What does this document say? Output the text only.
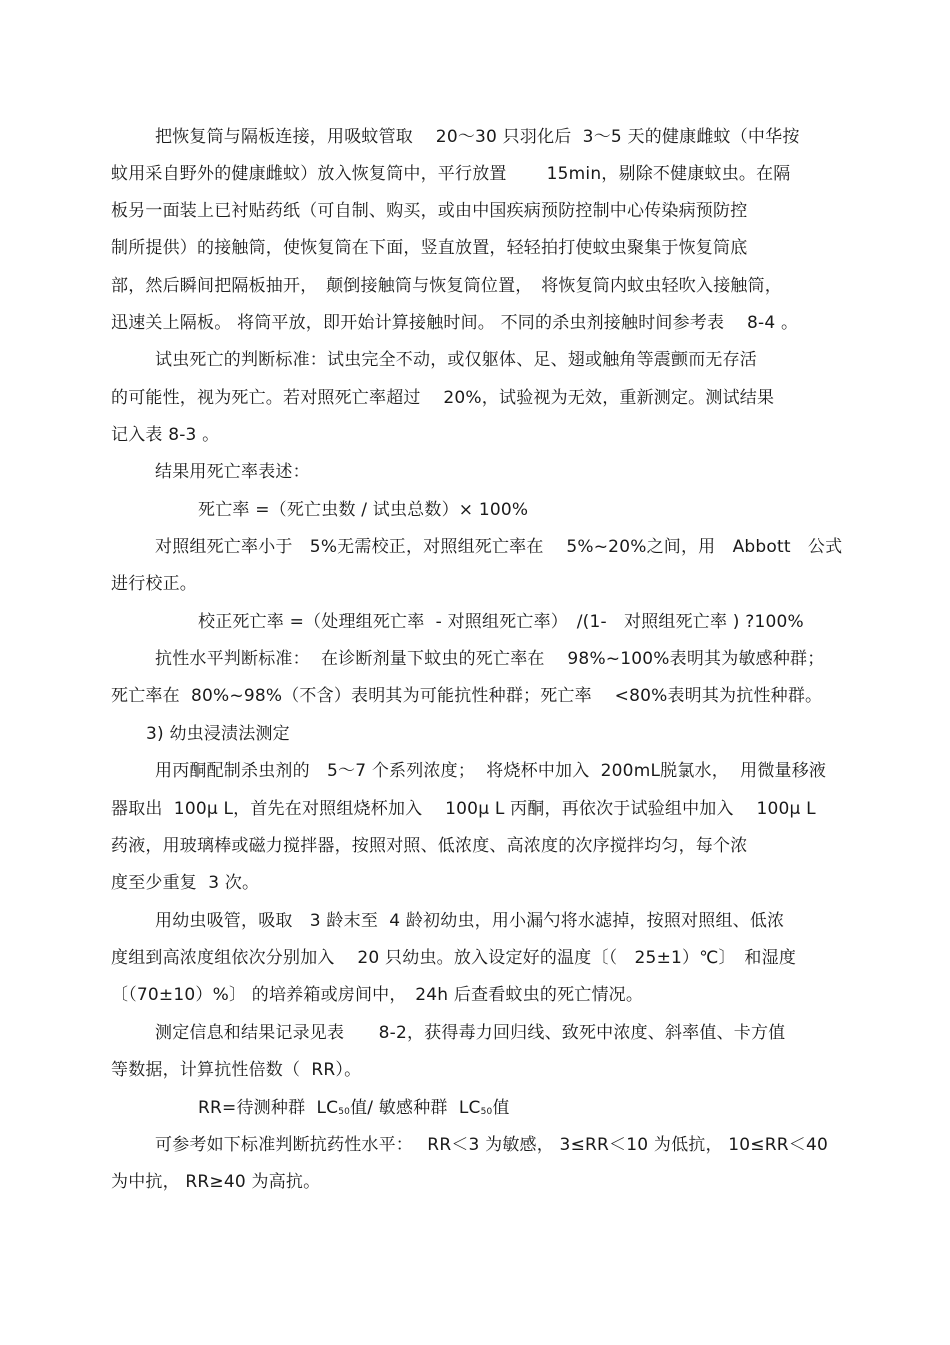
把恢复筒与隔板连接，用吸蚊管取　 20～30 只羽化后  3～5 天的健康雌蚊（中华按
蚊用采自野外的健康雌蚊）放入恢复筒中，平行放置　　 15min，剔除不健康蚊虫。在隔
板另一面装上已衬贴药纸（可自制、购买，或由中国疾病预防控制中心传染病预防控
制所提供）的接触筒，使恢复筒在下面，竖直放置，轻轻拍打使蚊虫聚集于恢复筒底
部，然后瞬间把隔板抽开，　颠倒接触筒与恢复筒位置，　将恢复筒内蚊虫轻吹入接触筒，
迅速关上隔板。 将筒平放，即开始计算接触时间。 不同的杀虫剂接触时间参考表　 8-4 。
试虫死亡的判断标准：试虫完全不动，或仅躯体、足、翅或触角等震颤而无存活
的可能性，视为死亡。若对照死亡率超过　 20%，试验视为无效，重新测定。测试结果
记入表 8-3 。
结果用死亡率表述：
死亡率 =（死亡虫数 / 试虫总数）× 100%
对照组死亡率小于　5%无需校正，对照组死亡率在　 5%~20%之间，用　Abbott　公式
进行校正。
校正死亡率 =（处理组死亡率  - 对照组死亡率）　/(1-　对照组死亡率 ) ?100%
抗性水平判断标准：  在诊断剂量下蚊虫的死亡率在　 98%~100%表明其为敏感种群；
死亡率在  80%~98%（不含）表明其为可能抗性种群；死亡率　 <80%表明其为抗性种群。
3) 幼虫浸渍法测定
用丙酮配制杀虫剂的　5～7 个系列浓度；  将烧杯中加入  200mL脱氯水，  用微量移液
器取出  100μ L，首先在对照组烧杯加入　 100μ L 丙酮，再依次于试验组中加入　 100μ L
药液，用玻璃棒或磁力搅拌器，按照对照、低浓度、高浓度的次序搅拌均匀，每个浓
度至少重复  3 次。
用幼虫吸管，吸取　3 龄末至  4 龄初幼虫，用小漏勺将水滤掉，按照对照组、低浓
度组到高浓度组依次分别加入　 20 只幼虫。放入设定好的温度〔（　25±1）℃〕　和湿度
〔（70±10）%〕 的培养箱或房间中，　24h 后查看蚊虫的死亡情况。
测定信息和结果记录见表　　8-2，获得毒力回归线、致死中浓度、斜率值、卡方值
等数据，计算抗性倍数（  RR）。
RR=待测种群  $LC_{50}$值/ 敏感种群  $LC_{50}$值
可参考如下标准判断抗药性水平：　 RR＜3 为敏感， 3≤RR＜10 为低抗， 10≤RR＜40
为中抗， RR≥40 为高抗。
